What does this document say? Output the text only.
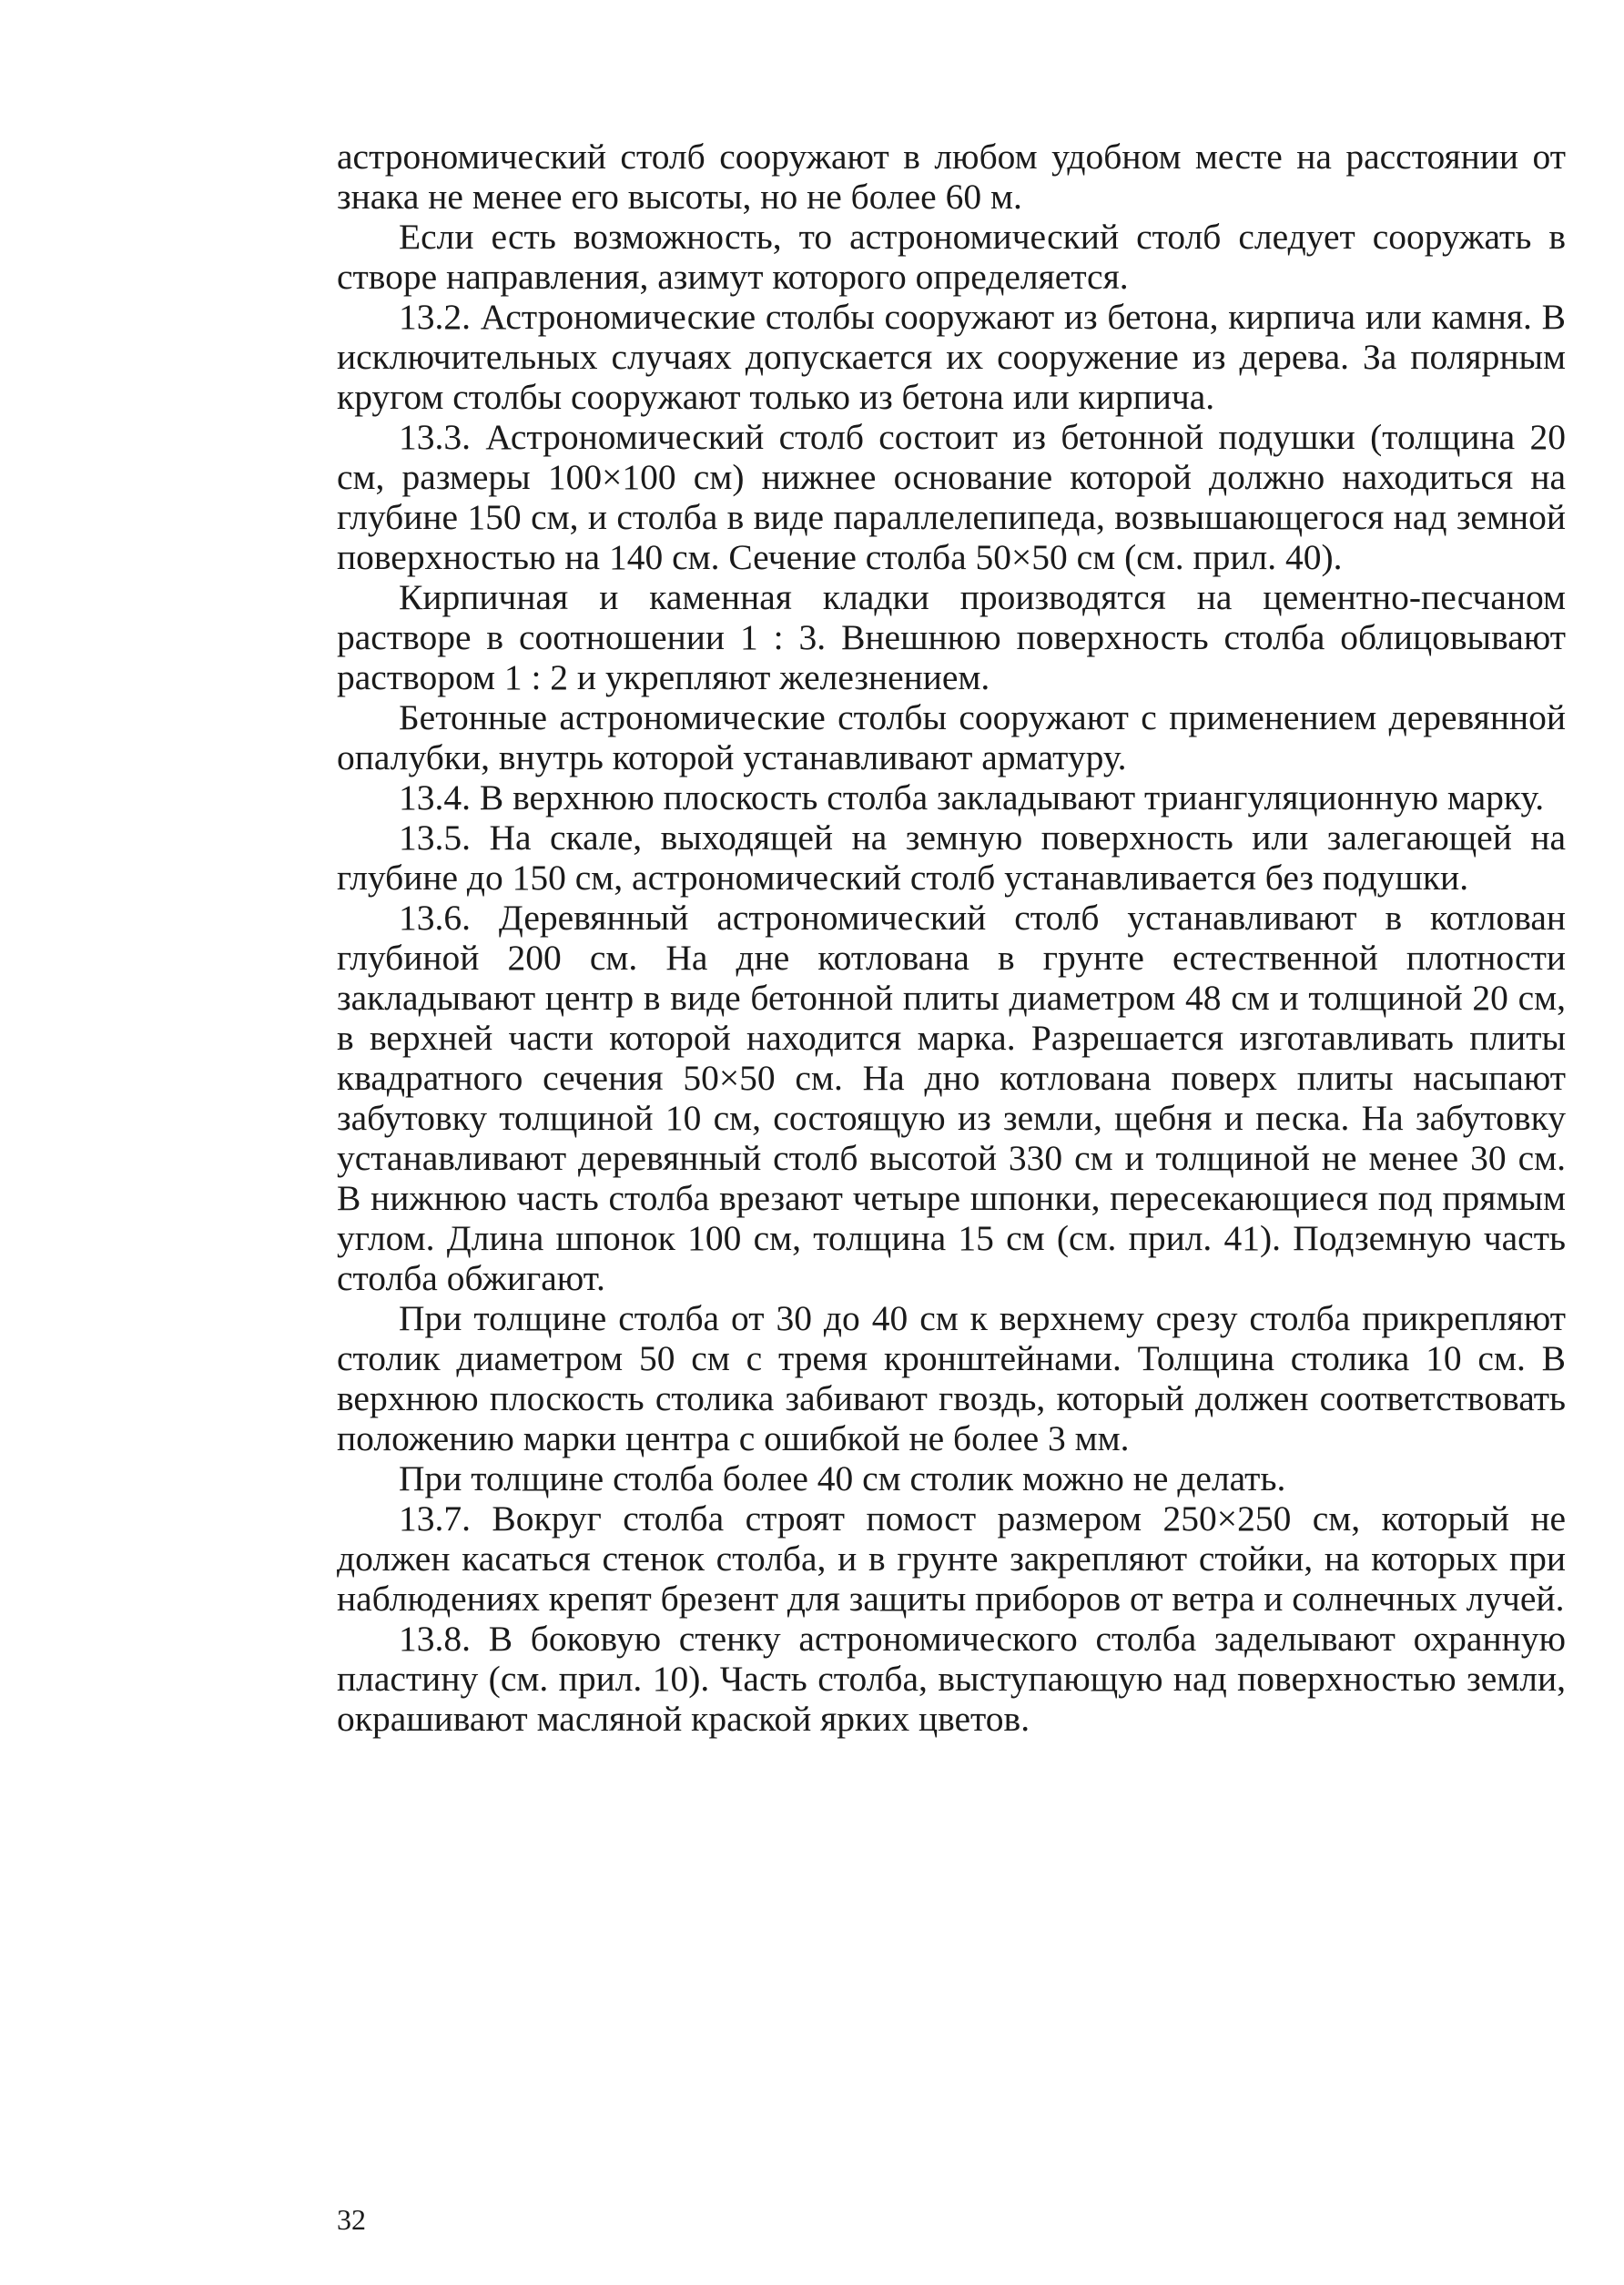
астрономический столб сооружают в любом удобном месте на расстоянии от знака не менее его высоты, но не более 60 м.

Если есть возможность, то астрономический столб следует сооружать в створе направления, азимут которого определяется.

13.2. Астрономические столбы сооружают из бетона, кирпича или камня. В исключительных случаях допускается их сооружение из дерева. За полярным кругом столбы сооружают только из бетона или кирпича.

13.3. Астрономический столб состоит из бетонной подушки (толщина 20 см, размеры 100×100 см) нижнее основание которой должно находиться на глубине 150 см, и столба в виде параллелепипеда, возвышающегося над земной поверхностью на 140 см. Сечение столба 50×50 см (см. прил. 40).

Кирпичная и каменная кладки производятся на цементно-песчаном растворе в соотношении 1 : 3. Внешнюю поверхность столба облицовывают раствором 1 : 2 и укрепляют железнением.

Бетонные астрономические столбы сооружают с применением деревянной опалубки, внутрь которой устанавливают арматуру.

13.4. В верхнюю плоскость столба закладывают триангуляционную марку.

13.5. На скале, выходящей на земную поверхность или залегающей на глубине до 150 см, астрономический столб устанавливается без подушки.

13.6. Деревянный астрономический столб устанавливают в котлован глубиной 200 см. На дне котлована в грунте естественной плотности закладывают центр в виде бетонной плиты диаметром 48 см и толщиной 20 см, в верхней части которой находится марка. Разрешается изготавливать плиты квадратного сечения 50×50 см. На дно котлована поверх плиты насыпают забутовку толщиной 10 см, состоящую из земли, щебня и песка. На забутовку устанавливают деревянный столб высотой 330 см и толщиной не менее 30 см. В нижнюю часть столба врезают четыре шпонки, пересекающиеся под прямым углом. Длина шпонок 100 см, толщина 15 см (см. прил. 41). Подземную часть столба обжигают.

При толщине столба от 30 до 40 см к верхнему срезу столба прикрепляют столик диаметром 50 см с тремя кронштейнами. Толщина столика 10 см. В верхнюю плоскость столика забивают гвоздь, который должен соответствовать положению марки центра с ошибкой не более 3 мм.

При толщине столба более 40 см столик можно не делать.

13.7. Вокруг столба строят помост размером 250×250 см, который не должен касаться стенок столба, и в грунте закрепляют стойки, на которых при наблюдениях крепят брезент для защиты приборов от ветра и солнечных лучей.

13.8. В боковую стенку астрономического столба заделывают охранную пластину (см. прил. 10). Часть столба, выступающую над поверхностью земли, окрашивают масляной краской ярких цветов.

32
